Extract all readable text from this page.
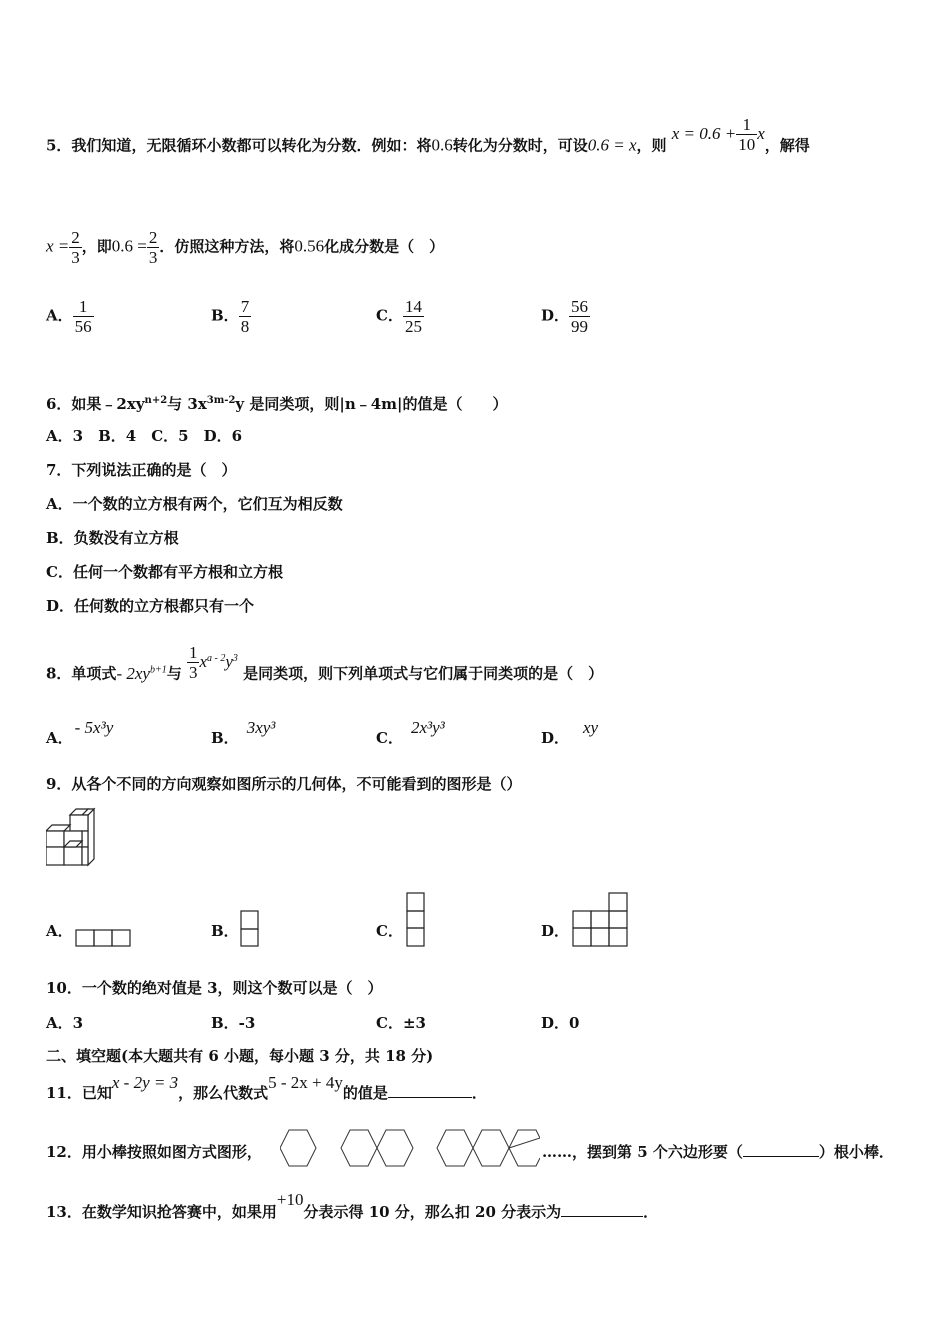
5．我们知道，无限循环小数都可以转化为分数．例如：将0.6转化为分数时，可设0.6 = x，则 $x = 0.6 + \frac{1}{10}$ x，解得
$x = \frac{2}{3}$ ，即$0.6 = \frac{2}{3}$ ．仿照这种方法，将0.56化成分数是（　）
A． $\frac{1}{56}$	B． $\frac{7}{8}$	C． $\frac{14}{25}$	D． $\frac{56}{99}$
6．如果$﹣2xy^{n+2}$与 $3x^{3m-2}y$ 是同类项，则|n﹣4m|的值是（　　）
A．3　B．4　C．5　D．6
7．下列说法正确的是（　）
A．一个数的立方根有两个，它们互为相反数
B．负数没有立方根
C．任何一个数都有平方根和立方根
D．任何数的立方根都只有一个
8．单项式- $2xy^{b+1}$与 $\frac{1}{3} x^{a - 2}y^3$ 是同类项，则下列单项式与它们属于同类项的是（　）
A．- 5x³y
B．3xy³
C．2x³y³
D．xy
9．从各个不同的方向观察如图所示的几何体，不可能看到的图形是（）
A．	B．	C．	D．
10．一个数的绝对值是 3，则这个数可以是（　）
A．3	B．-3	C．±3	D．0
二、填空题(本大题共有 6 小题，每小题 3 分，共 18 分)
11．已知x - 2y = 3，那么代数式5 - 2x + 4y的值是	．
12．用小棒按照如图方式图形，	……，摆到第 5 个六边形要（	）根小棒．
13．在数学知识抢答赛中，如果用+10分表示得 10 分，那么扣 20 分表示为	．
